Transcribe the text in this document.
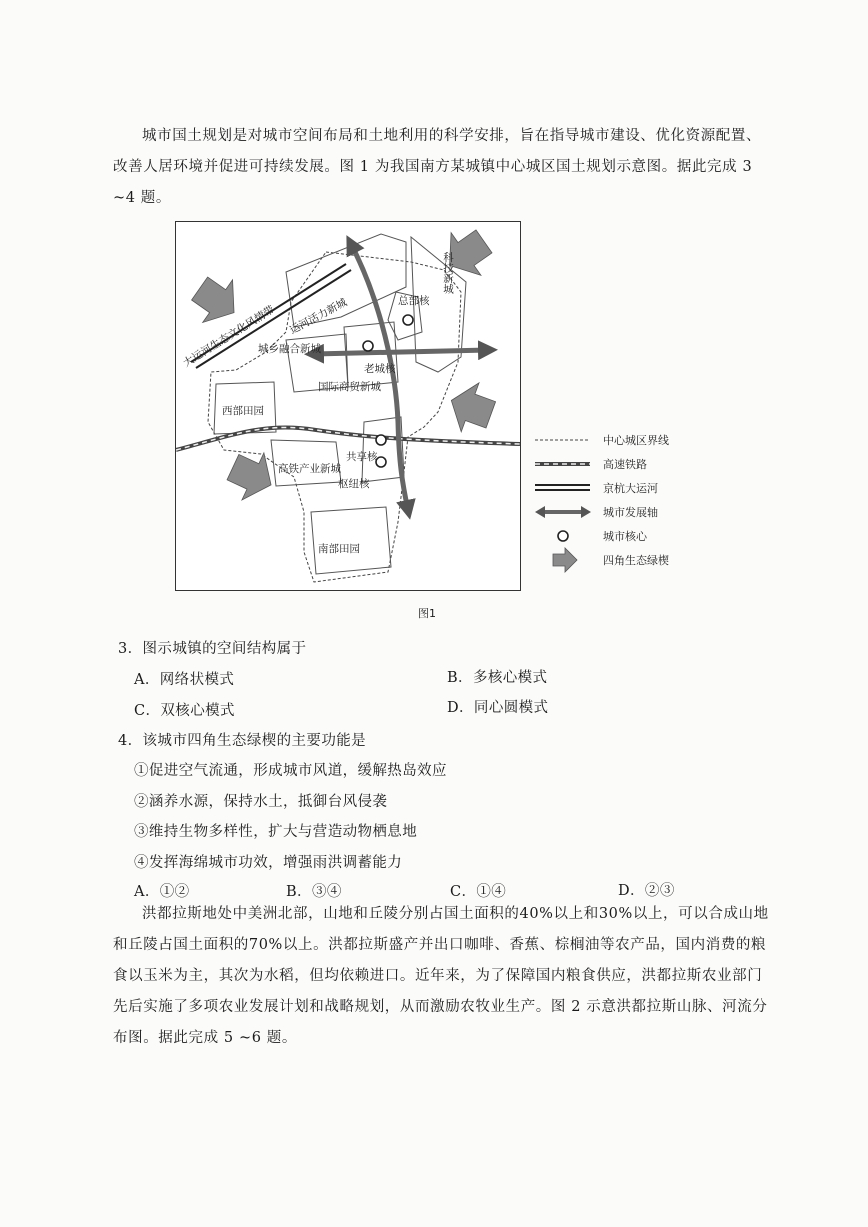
城市国土规划是对城市空间布局和土地利用的科学安排，旨在指导城市建设、优化资源配置、改善人居环境并促进可持续发展。图 1 为我国南方某城镇中心城区国土规划示意图。据此完成 3 ~4 题。

大运河生态文化风情带 运河活力新城	总部核
科技新城
城乡融合新城
老城核
国际商贸新城
西部田园
共享核
高铁产业新城
枢纽核
南部田园
中心城区界线
高速铁路
京杭大运河
城市发展轴
城市核心
四角生态绿楔
图1
3．图示城镇的空间结构属于
A．网络状模式	B．多核心模式
C．双核心模式	D．同心圆模式
4．该城市四角生态绿楔的主要功能是
①促进空气流通，形成城市风道，缓解热岛效应
②涵养水源，保持水土，抵御台风侵袭
③维持生物多样性，扩大与营造动物栖息地
④发挥海绵城市功效，增强雨洪调蓄能力
A．①②	B．③④	C．①④	D．②③

洪都拉斯地处中美洲北部，山地和丘陵分别占国土面积的40%以上和30%以上，可以合成山地和丘陵占国土面积的70%以上。洪都拉斯盛产并出口咖啡、香蕉、棕榈油等农产品，国内消费的粮食以玉米为主，其次为水稻，但均依赖进口。近年来，为了保障国内粮食供应，洪都拉斯农业部门先后实施了多项农业发展计划和战略规划，从而激励农牧业生产。图 2 示意洪都拉斯山脉、河流分布图。据此完成 5 ~6 题。
